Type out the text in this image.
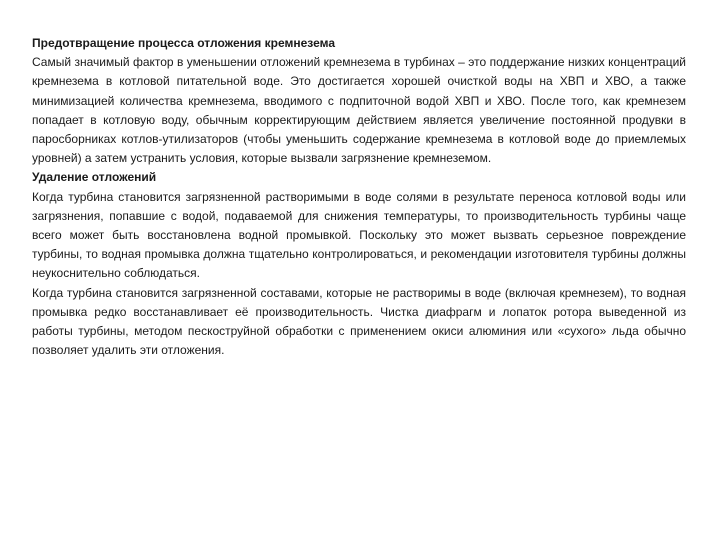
Предотвращение процесса отложения кремнезема

Самый значимый фактор в уменьшении отложений кремнезема в турбинах – это поддержание низких концентраций кремнезема в котловой питательной воде. Это достигается хорошей очисткой воды на ХВП и ХВО, а также минимизацией количества кремнезема, вводимого с подпиточной водой ХВП и ХВО. После того, как кремнезем попадает в котловую воду, обычным корректирующим действием является увеличение постоянной продувки в паросборниках котлов-утилизаторов (чтобы уменьшить содержание кремнезема в котловой воде до приемлемых уровней) а затем устранить условия, которые вызвали загрязнение кремнеземом.

Удаление отложений

Когда турбина становится загрязненной растворимыми в воде солями в результате переноса котловой воды или загрязнения, попавшие с водой, подаваемой для снижения температуры, то производительность турбины чаще всего может быть восстановлена водной промывкой. Поскольку это может вызвать серьезное повреждение турбины, то водная промывка должна тщательно контролироваться, и рекомендации изготовителя турбины должны неукоснительно соблюдаться.

Когда турбина становится загрязненной составами, которые не растворимы в воде (включая кремнезем), то водная промывка редко восстанавливает её производительность. Чистка диафрагм и лопаток ротора выведенной из работы турбины, методом пескоструйной обработки с применением окиси алюминия или «сухого» льда обычно позволяет удалить эти отложения.
